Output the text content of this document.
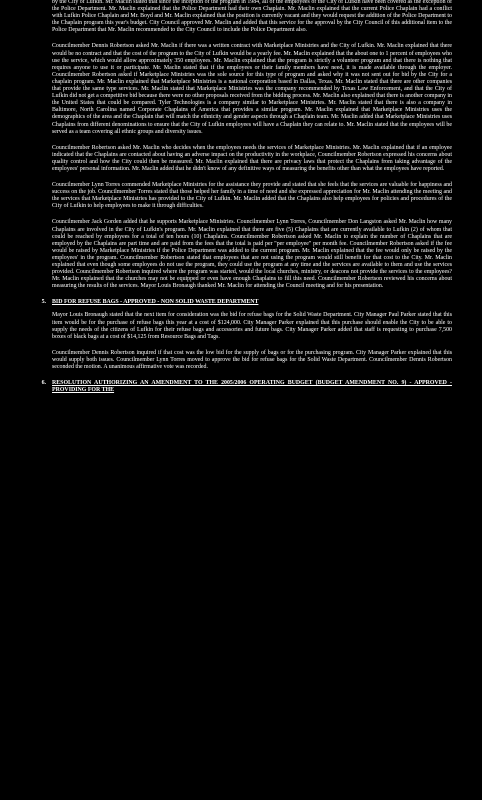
by the City of Lufkin. Mr. Maclin stated that since the inception of the program in 1984, all of the employees of the City of Lufkin have been covered as the exception of the Police Department. Mr. Maclin explained that the Police Department had their own Chaplain. Mr. Maclin explained that the current Police Chaplain had a conflict with Lufkin Police Chaplain and Mr. Boyd and Mr. Maclin explained that the position is currently vacant and they would request the addition of the Police Department to the Chaplain program this year's budget. City Council approved Mr. Maclin and added that this service for the approval by the City Council of this additional item to the Police Department that Mr. Maclin recommended to the City Council to include the Police Department also.

Councilmember Dennis Robertson asked Mr. Maclin if there was a written contract with Marketplace Ministries and the City of Lufkin. Mr. Maclin explained that there would be no contract and that the cost of the program to the City of Lufkin would be a yearly fee. Mr. Maclin explained that the about one to 1 percent of employees who use the service, which would allow approximately 350 employees. Mr. Maclin explained that the program is strictly a volunteer program and that there is nothing that requires anyone to use it or participate. Mr. Maclin stated that if the employees or their family members have need, it is made available through the employer. Councilmember Robertson asked if Marketplace Ministries was the sole source for this type of program and asked why it was not sent out for bid by the City for a chaplain program. Mr. Maclin explained that Marketplace Ministries is a national corporation based in Dallas, Texas. Mr. Maclin stated that there are other companies that provide the same type services. Mr. Maclin stated that Marketplace Ministries was the company recommended by Texas Law Enforcement, and that the City of Lufkin did not get a competitive bid because there were no other proposals received from the bidding process. Mr. Maclin also explained that there is another company in the United States that could be compared. Tyler Technologies is a company similar to Marketplace Ministries. Mr. Maclin stated that there is also a company in Baltimore, North Carolina named Corporate Chaplains of America that provides a similar program. Mr. Maclin explained that Marketplace Ministries uses the demographics of the area and the Chaplain that will match the ethnicity and gender aspects through a Chaplain team. Mr. Maclin added that Marketplace Ministries uses Chaplains from different denominations to ensure that the City of Lufkin employees will have a Chaplain they can relate to. Mr. Maclin stated that the employees will be served as a team covering all ethnic groups and diversity issues.

Councilmember Robertson asked Mr. Maclin who decides when the employees needs the services of Marketplace Ministries. Mr. Maclin explained that if an employee indicated that the Chaplains are contacted about having an adverse impact on the productivity in the workplace, Councilmember Robertson expressed his concerns about quality control and how the City could then be measured. Mr. Maclin explained that there are privacy laws that protect the Chaplains from taking advantage of the employees' personal information. Mr. Maclin added that he didn't know of any definitive ways of measuring the benefits other than what the employees have reported.

Councilmember Lynn Torres commended Marketplace Ministries for the assistance they provide and stated that she feels that the services are valuable for happiness and success on the job. Councilmember Torres stated that those helped her family in a time of need and she expressed appreciation for Mr. Maclin attending the meeting and the services that Marketplace Ministries has provided to the City of Lufkin. Mr. Maclin added that the Chaplains also help employees for policies and procedures of the City of Lufkin to help employees to make it through difficulties.

Councilmember Jack Gorden added that he supports Marketplace Ministries. Councilmember Lynn Torres, Councilmember Don Langston asked Mr. Maclin how many Chaplains are involved in the City of Lufkin's program. Mr. Maclin explained that there are five (5) Chaplains that are currently available to Lufkin (2) of whom that could be reached by employees for a total of ten hours (10) Chaplains. Councilmember Robertson asked Mr. Maclin to explain the number of Chaplains that are employed by the Chaplains are part time and are paid from the fees that the total is paid per "per employee" per month fee. Councilmember Robertson asked if the fee would be raised by Marketplace Ministries if the Police Department was added to the current program. Mr. Maclin explained that the fee would only be raised by the employees' in the program. Councilmember Robertson stated that employees that are not using the program would still benefit for that cost to the City. Mr. Maclin explained that even though some employees do not use the program, they could use the program at any time and the services are available to them and use the services provided. Councilmember Robertson inquired where the program was started, would the local churches, ministry, or deacons not provide the services to the employees? Mr. Maclin explained that the churches may not be equipped or even have enough Chaplains to fill this need. Councilmember Robertson reviewed his concerns about measuring the results of the services. Mayor Louis Bronaugh thanked Mr. Maclin for attending the Council meeting and for his presentation.

5. BID FOR REFUSE BAGS - APPROVED - NON SOLID WASTE DEPARTMENT

Mayor Louis Bronaugh stated that the next item for consideration was the bid for refuse bags for the Solid Waste Department. City Manager Paul Parker stated that this item would be for the purchase of refuse bags this year at a cost of $124,000. City Manager Parker explained that this purchase should enable the City to be able to supply the needs of the citizens of Lufkin for their refuse bags and accessories and future bags. City Manager Parker added that staff is requesting to purchase 7,500 boxes of black bags at a cost of $14,125 from Resource Bags and Tags.

Councilmember Dennis Robertson inquired if that cost was the low bid for the supply of bags or for the purchasing program. City Manager Parker explained that this would supply both issues. Councilmember Lynn Torres moved to approve the bid for refuse bags for the Solid Waste Department. Councilmember Dennis Robertson seconded the motion. A unanimous affirmative vote was recorded.

6. RESOLUTION AUTHORIZING AN AMENDMENT TO THE 2005/2006 OPERATING BUDGET (BUDGET AMENDMENT NO. 9) - APPROVED - PROVIDING FOR THE
